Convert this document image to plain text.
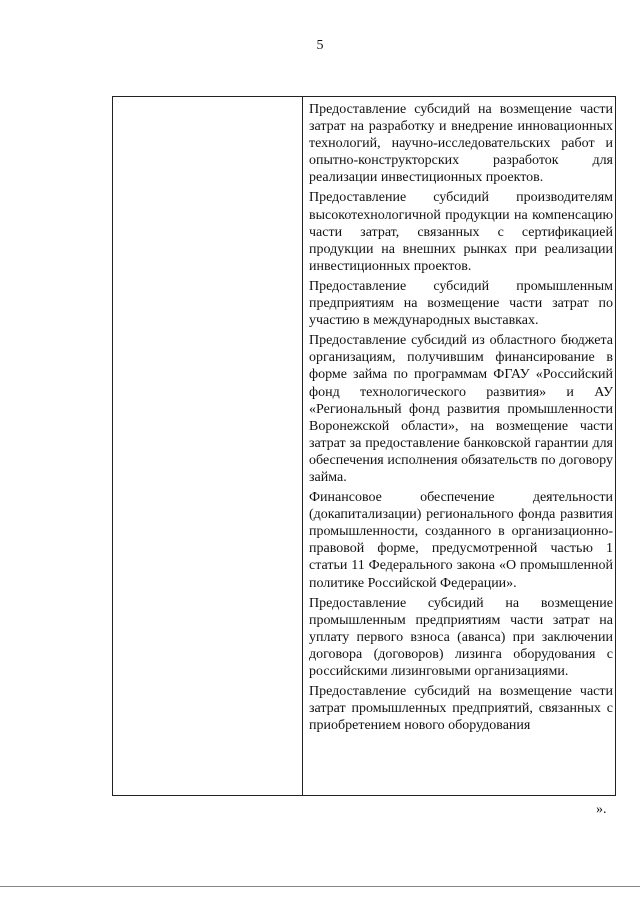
5

Предоставление субсидий на возмещение части затрат на разработку и внедрение инновационных технологий, научно-исследовательских работ и опытно-конструкторских разработок для реализации инвестиционных проектов.

Предоставление субсидий производителям высокотехнологичной продукции на компенсацию части затрат, связанных с сертификацией продукции на внешних рынках при реализации инвестиционных проектов.

Предоставление субсидий промышленным предприятиям на возмещение части затрат по участию в международных выставках.

Предоставление субсидий из областного бюджета организациям, получившим финансирование в форме займа по программам ФГАУ «Российский фонд технологического развития» и АУ «Региональный фонд развития промышленности Воронежской области», на возмещение части затрат за предоставление банковской гарантии для обеспечения исполнения обязательств по договору займа.

Финансовое обеспечение деятельности (докапитализации) регионального фонда развития промышленности, созданного в организационно-правовой форме, предусмотренной частью 1 статьи 11 Федерального закона «О промышленной политике Российской Федерации».

Предоставление субсидий на возмещение промышленным предприятиям части затрат на уплату первого взноса (аванса) при заключении договора (договоров) лизинга оборудования с российскими лизинговыми организациями.

Предоставление субсидий на возмещение части затрат промышленных предприятий, связанных с приобретением нового оборудования

».
